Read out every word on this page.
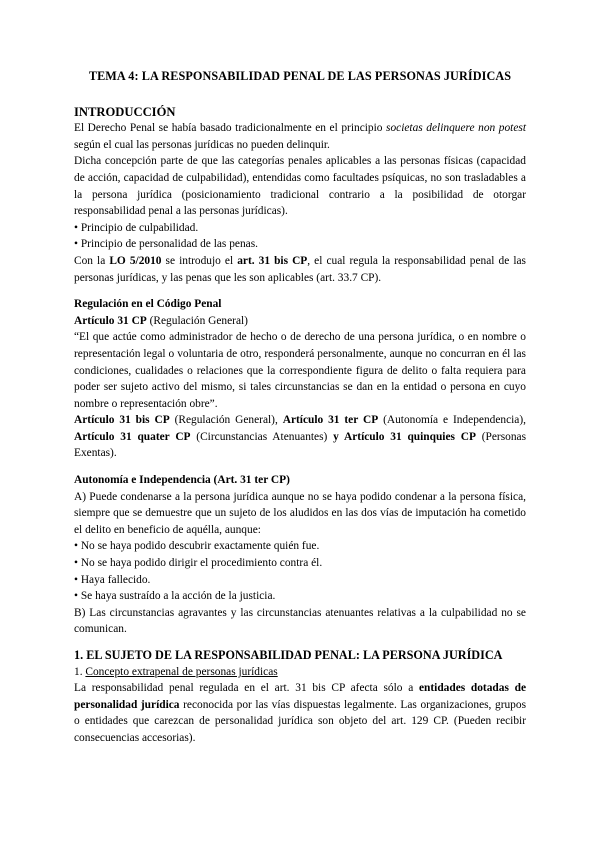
TEMA 4: LA RESPONSABILIDAD PENAL DE LAS PERSONAS JURÍDICAS

INTRODUCCIÓN

El Derecho Penal se había basado tradicionalmente en el principio societas delinquere non potest según el cual las personas jurídicas no pueden delinquir.

Dicha concepción parte de que las categorías penales aplicables a las personas físicas (capacidad de acción, capacidad de culpabilidad), entendidas como facultades psíquicas, no son trasladables a la persona jurídica (posicionamiento tradicional contrario a la posibilidad de otorgar responsabilidad penal a las personas jurídicas).

• Principio de culpabilidad.

• Principio de personalidad de las penas.

Con la LO 5/2010 se introdujo el art. 31 bis CP, el cual regula la responsabilidad penal de las personas jurídicas, y las penas que les son aplicables (art. 33.7 CP).

Regulación en el Código Penal

Artículo 31 CP (Regulación General)

“El que actúe como administrador de hecho o de derecho de una persona jurídica, o en nombre o representación legal o voluntaria de otro, responderá personalmente, aunque no concurran en él las condiciones, cualidades o relaciones que la correspondiente figura de delito o falta requiera para poder ser sujeto activo del mismo, si tales circunstancias se dan en la entidad o persona en cuyo nombre o representación obre”.

Artículo 31 bis CP (Regulación General), Artículo 31 ter CP (Autonomía e Independencia), Artículo 31 quater CP (Circunstancias Atenuantes) y Artículo 31 quinquies CP (Personas Exentas).

Autonomía e Independencia (Art. 31 ter CP)

A) Puede condenarse a la persona jurídica aunque no se haya podido condenar a la persona física, siempre que se demuestre que un sujeto de los aludidos en las dos vías de imputación ha cometido el delito en beneficio de aquélla, aunque:

• No se haya podido descubrir exactamente quién fue.

• No se haya podido dirigir el procedimiento contra él.

• Haya fallecido.

• Se haya sustraído a la acción de la justicia.

B) Las circunstancias agravantes y las circunstancias atenuantes relativas a la culpabilidad no se comunican.

1. EL SUJETO DE LA RESPONSABILIDAD PENAL: LA PERSONA JURÍDICA

1. Concepto extrapenal de personas jurídicas

La responsabilidad penal regulada en el art. 31 bis CP afecta sólo a entidades dotadas de personalidad jurídica reconocida por las vías dispuestas legalmente. Las organizaciones, grupos o entidades que carezcan de personalidad jurídica son objeto del art. 129 CP. (Pueden recibir consecuencias accesorias).
